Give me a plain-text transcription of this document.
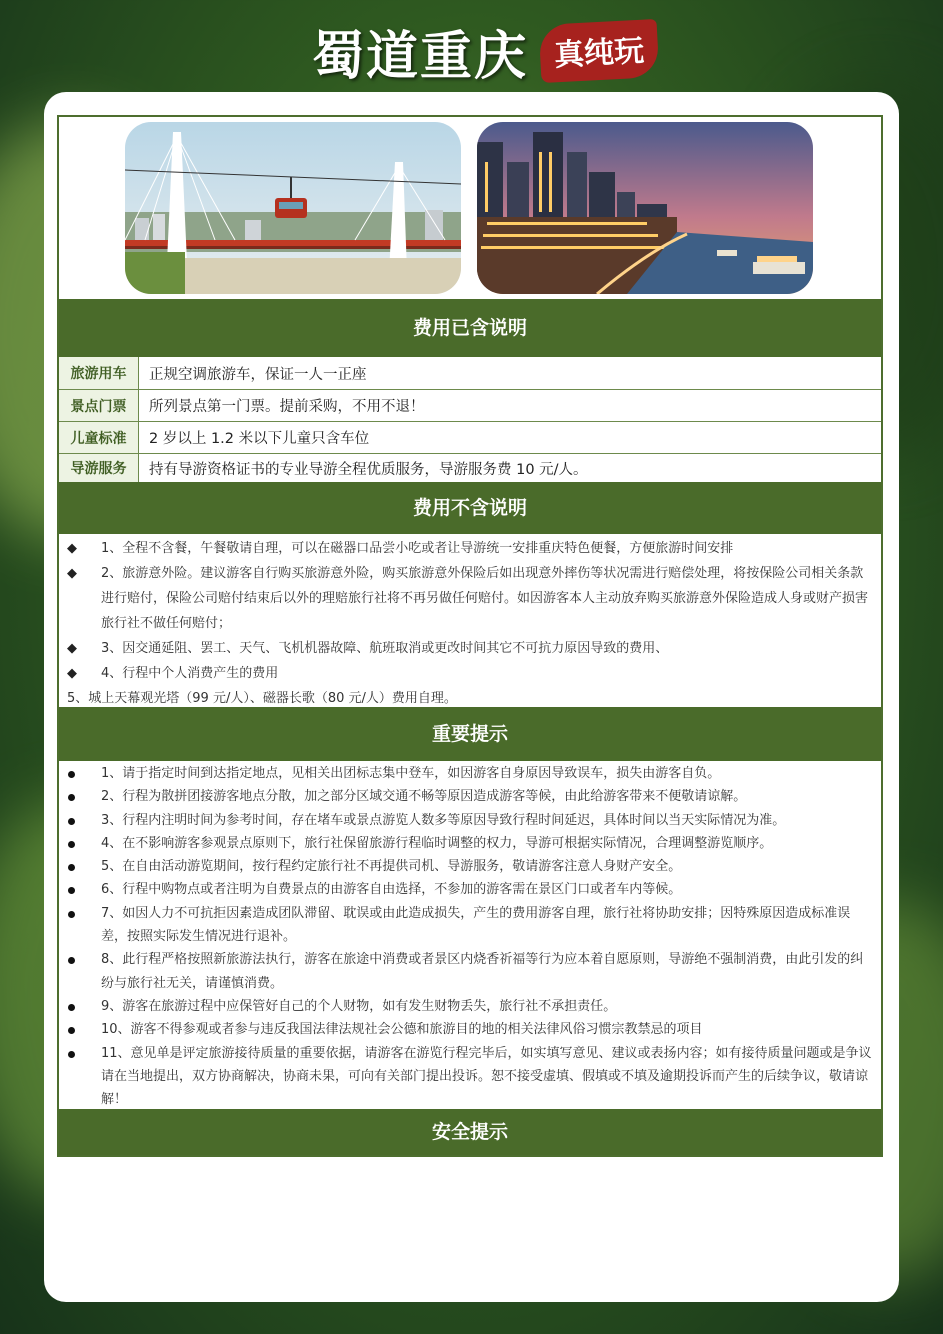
蜀道重庆 真纯玩
费用已含说明
旅游用车	正规空调旅游车，保证一人一正座
景点门票	所列景点第一门票。提前采购，不用不退！
儿童标准	2 岁以上 1.2 米以下儿童只含车位
导游服务	持有导游资格证书的专业导游全程优质服务，导游服务费 10 元/人。
费用不含说明
◆ 1、全程不含餐，午餐敬请自理，可以在磁器口品尝小吃或者让导游统一安排重庆特色便餐，方便旅游时间安排
◆ 2、旅游意外险。建议游客自行购买旅游意外险，购买旅游意外保险后如出现意外摔伤等状况需进行赔偿处理，将按保险公司相关条款进行赔付，保险公司赔付结束后以外的理赔旅行社将不再另做任何赔付。如因游客本人主动放弃购买旅游意外保险造成人身或财产损害旅行社不做任何赔付；
◆ 3、因交通延阻、罢工、天气、飞机机器故障、航班取消或更改时间其它不可抗力原因导致的费用、
◆ 4、行程中个人消费产生的费用
5、城上天幕观光塔（99 元/人）、磁器长歌（80 元/人）费用自理。
重要提示
1、请于指定时间到达指定地点，见相关出团标志集中登车，如因游客自身原因导致误车，损失由游客自负。
2、行程为散拼团接游客地点分散，加之部分区域交通不畅等原因造成游客等候，由此给游客带来不便敬请谅解。
3、行程内注明时间为参考时间，存在堵车或景点游览人数多等原因导致行程时间延迟，具体时间以当天实际情况为准。
4、在不影响游客参观景点原则下，旅行社保留旅游行程临时调整的权力，导游可根据实际情况，合理调整游览顺序。
5、在自由活动游览期间，按行程约定旅行社不再提供司机、导游服务，敬请游客注意人身财产安全。
6、行程中购物点或者注明为自费景点的由游客自由选择，不参加的游客需在景区门口或者车内等候。
7、如因人力不可抗拒因素造成团队滞留、耽误或由此造成损失，产生的费用游客自理，旅行社将协助安排；因特殊原因造成标准误差，按照实际发生情况进行退补。
8、此行程严格按照新旅游法执行，游客在旅途中消费或者景区内烧香祈福等行为应本着自愿原则，导游绝不强制消费，由此引发的纠纷与旅行社无关，请谨慎消费。
9、游客在旅游过程中应保管好自己的个人财物，如有发生财物丢失，旅行社不承担责任。
10、游客不得参观或者参与违反我国法律法规社会公德和旅游目的地的相关法律风俗习惯宗教禁忌的项目
11、意见单是评定旅游接待质量的重要依据，请游客在游览行程完毕后，如实填写意见、建议或表扬内容；如有接待质量问题或是争议请在当地提出，双方协商解决，协商未果，可向有关部门提出投诉。恕不接受虚填、假填或不填及逾期投诉而产生的后续争议，敬请谅解！
安全提示
